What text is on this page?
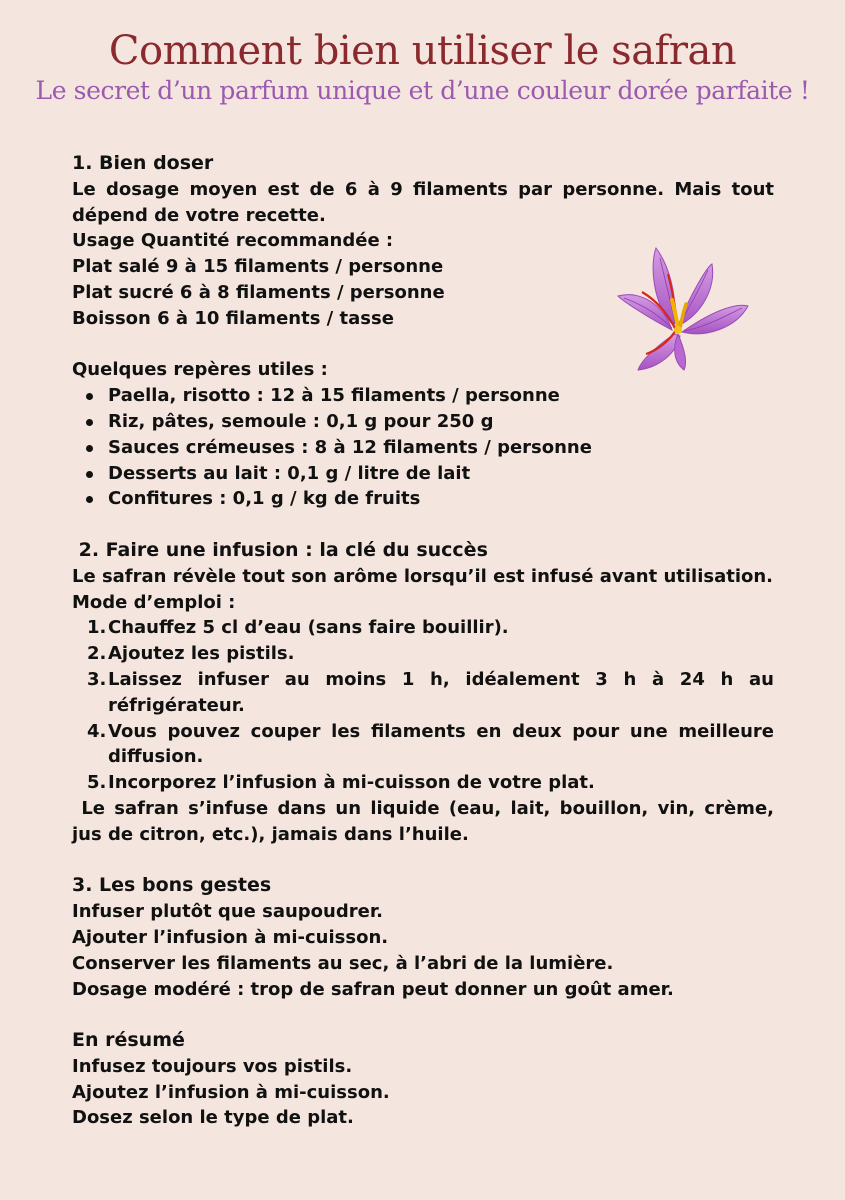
Comment bien utiliser le safran

Le secret d’un parfum unique et d’une couleur dorée parfaite !

1. Bien doser

Le dosage moyen est de 6 à 9 filaments par personne. Mais tout dépend de votre recette.

Usage Quantité recommandée :

Plat salé 9 à 15 filaments / personne

Plat sucré 6 à 8 filaments / personne

Boisson 6 à 10 filaments / tasse

Quelques repères utiles :

Paella, risotto : 12 à 15 filaments / personne
Riz, pâtes, semoule : 0,1 g pour 250 g
Sauces crémeuses : 8 à 12 filaments / personne
Desserts au lait : 0,1 g / litre de lait
Confitures : 0,1 g / kg de fruits
2. Faire une infusion : la clé du succès

Le safran révèle tout son arôme lorsqu’il est infusé avant utilisation.

Mode d’emploi :

1. Chauffez 5 cl d’eau (sans faire bouillir).
2. Ajoutez les pistils.
3. Laissez infuser au moins 1 h, idéalement 3 h à 24 h au réfrigérateur.
4. Vous pouvez couper les filaments en deux pour une meilleure diffusion.
5. Incorporez l’infusion à mi-cuisson de votre plat.

Le safran s’infuse dans un liquide (eau, lait, bouillon, vin, crème, jus de citron, etc.), jamais dans l’huile.

3. Les bons gestes

Infuser plutôt que saupoudrer.

Ajouter l’infusion à mi-cuisson.

Conserver les filaments au sec, à l’abri de la lumière.

Dosage modéré : trop de safran peut donner un goût amer.

En résumé

Infusez toujours vos pistils.

Ajoutez l’infusion à mi-cuisson.

Dosez selon le type de plat.
